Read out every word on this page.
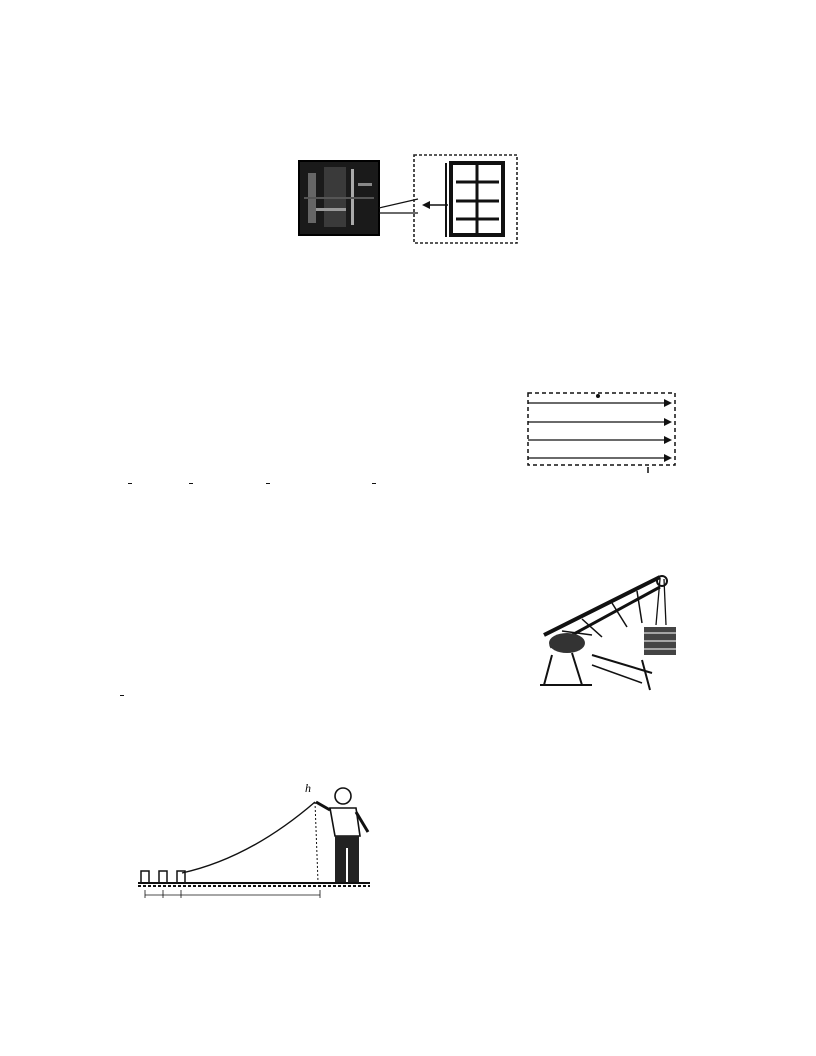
h
